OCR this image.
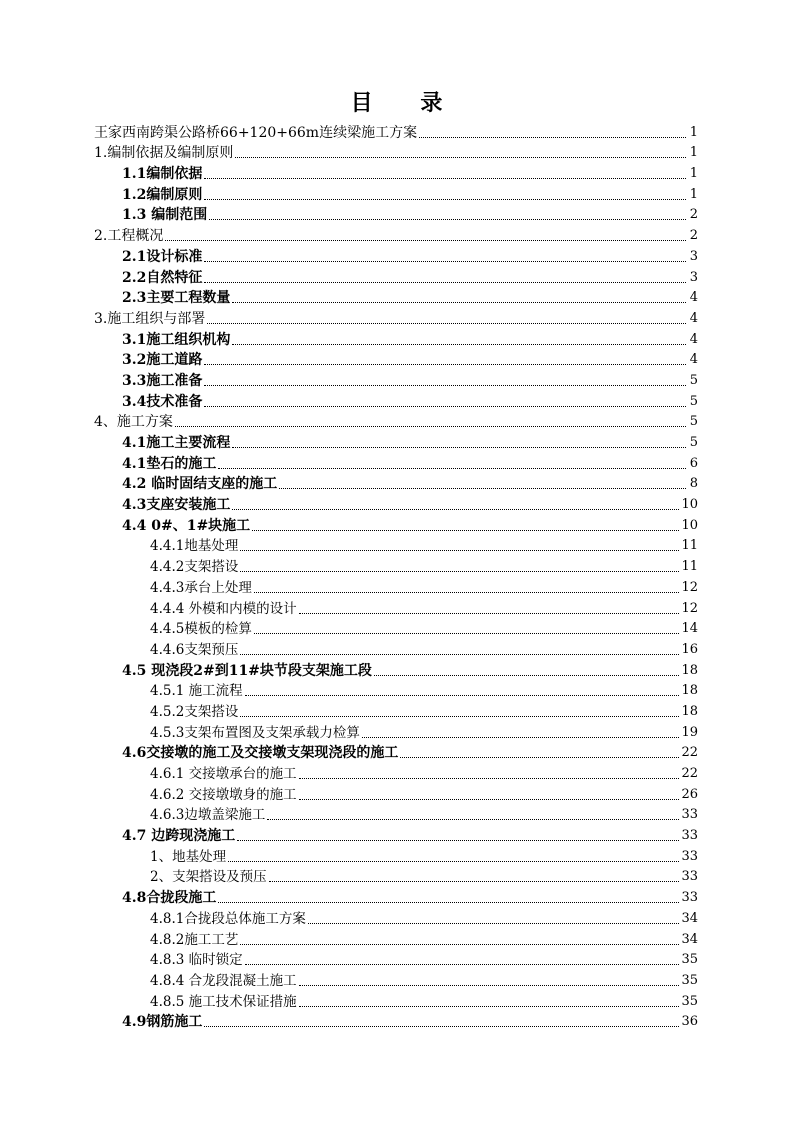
目 录
王家西南跨渠公路桥66+120+66m连续梁施工方案	1
1.编制依据及编制原则	1
1.1编制依据	1
1.2编制原则	1
1.3 编制范围	2
2.工程概况	2
2.1设计标准	3
2.2自然特征	3
2.3主要工程数量	4
3.施工组织与部署	4
3.1施工组织机构	4
3.2施工道路	4
3.3施工准备	5
3.4技术准备	5
4、施工方案	5
4.1施工主要流程	5
4.1垫石的施工	6
4.2 临时固结支座的施工	8
4.3支座安装施工	10
4.4 0#、1#块施工	10
4.4.1地基处理	11
4.4.2支架搭设	11
4.4.3承台上处理	12
4.4.4 外模和内模的设计	12
4.4.5模板的检算	14
4.4.6支架预压	16
4.5 现浇段2#到11#块节段支架施工段	18
4.5.1 施工流程	18
4.5.2支架搭设	18
4.5.3支架布置图及支架承载力检算	19
4.6交接墩的施工及交接墩支架现浇段的施工	22
4.6.1 交接墩承台的施工	22
4.6.2 交接墩墩身的施工	26
4.6.3边墩盖梁施工	33
4.7 边跨现浇施工	33
1、地基处理	33
2、支架搭设及预压	33
4.8合拢段施工	33
4.8.1合拢段总体施工方案	34
4.8.2施工工艺	34
4.8.3 临时锁定	35
4.8.4 合龙段混凝土施工	35
4.8.5 施工技术保证措施	35
4.9钢筋施工	36
